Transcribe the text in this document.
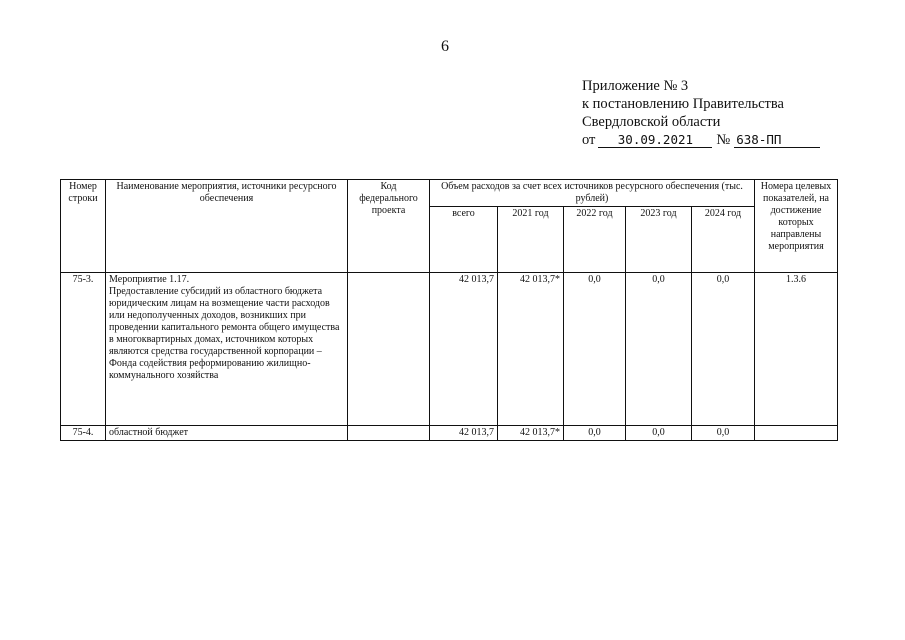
6
Приложение № 3
к постановлению Правительства
Свердловской области
от 30.09.2021 № 638-ПП
Номер строки	Наименование мероприятия, источники ресурсного обеспечения	Код федерального проекта	Объем расходов за счет всех источников ресурсного обеспечения (тыс. рублей)					Номера целевых показателей, на достижение которых направлены мероприятия
			всего	2021 год	2022 год	2023 год	2024 год	
75-3.	Мероприятие 1.17.
Предоставление субсидий из областного бюджета юридическим лицам на возмещение части расходов или недополученных доходов, возникших при проведении капитального ремонта общего имущества в многоквартирных домах, источником которых являются средства государственной корпорации – Фонда содействия реформированию жилищно-коммунального хозяйства		42 013,7	42 013,7*	0,0	0,0	0,0	1.3.6
75-4.	областной бюджет		42 013,7	42 013,7*	0,0	0,0	0,0	
